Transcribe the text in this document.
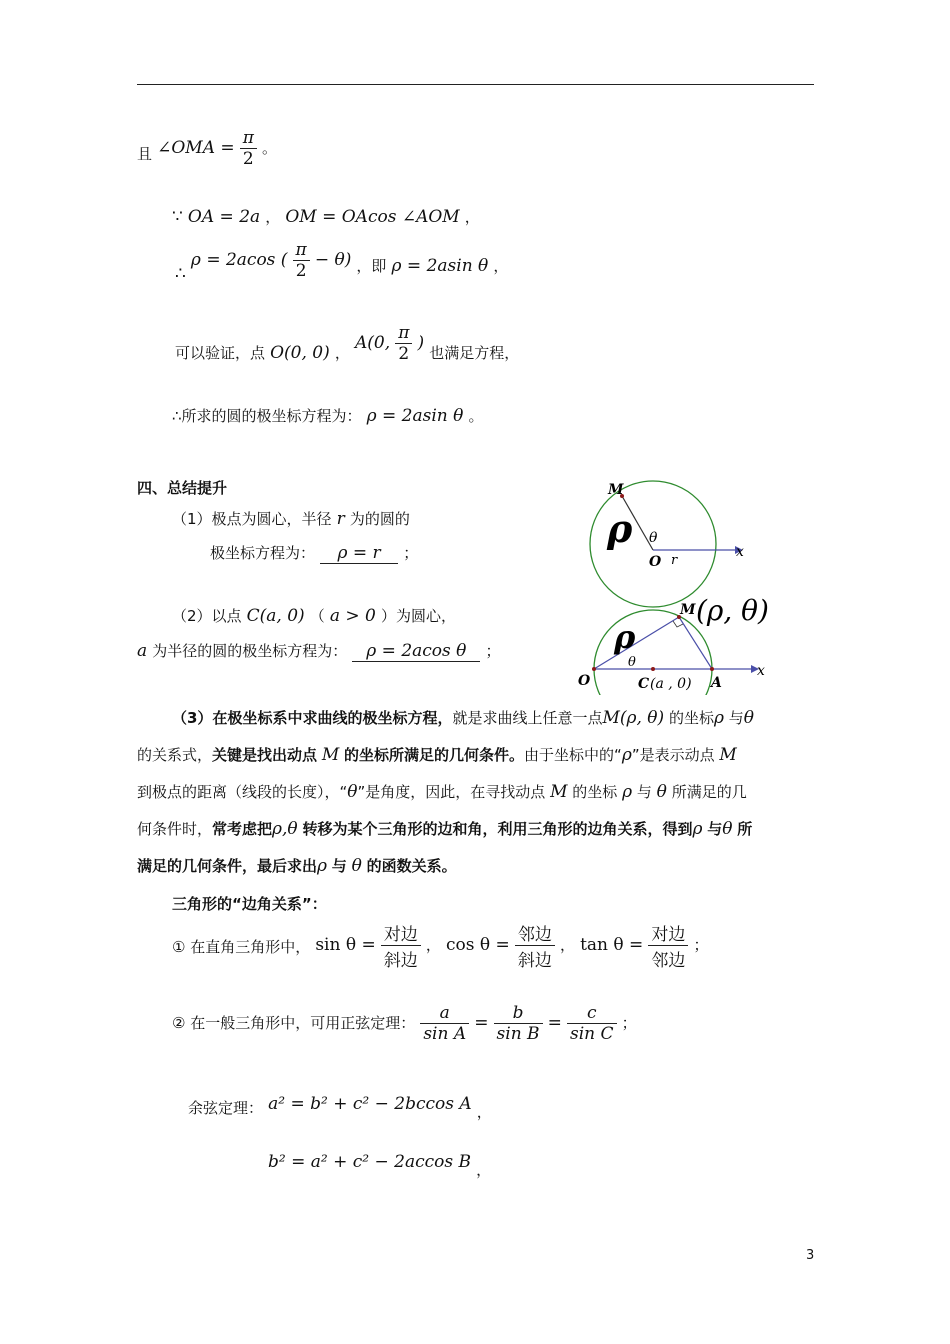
且 ∠OMA = $\frac{\pi}{2}$ 。
∵ OA = 2a ， OM = OAcos ∠AOM ，
∴ ρ = 2acos ( $\frac{\pi}{2} - \theta$) ，即 ρ = 2asin θ ，
可以验证，点 O(0, 0) ， A(0, $\frac{\pi}{2}$ ) 也满足方程，
∴所求的圆的极坐标方程为： ρ = 2asin θ 。
四、总结提升
（1）极点为圆心，半径 r 为的圆的
极坐标方程为： ρ = r ；
（2）以点 C(a, 0) （ a > 0 ）为圆心，
a 为半径的圆的极坐标方程为： ρ = 2acos θ ；
M
ρ θ
O r
x
M (ρ, θ)
ρ
θ
O	C (a , 0) A
x
（3）在极坐标系中求曲线的极坐标方程，就是求曲线上任意一点M(ρ, θ) 的坐标ρ 与θ
的关系式，关键是找出动点 M 的坐标所满足的几何条件。由于坐标中的“ρ”是表示动点 M
到极点的距离（线段的长度），“θ”是角度，因此，在寻找动点 M 的坐标 ρ 与 θ 所满足的几
何条件时，常考虑把ρ,θ 转移为某个三角形的边和角，利用三角形的边角关系，得到ρ 与θ 所
满足的几何条件，最后求出ρ 与 θ 的函数关系。
三角形的“边角关系”：
① 在直角三角形中， $\sin \theta = \frac{\text{对边}}{\text{斜边}}$ ， $\cos \theta = \frac{\text{邻边}}{\text{斜边}}$ ， $\tan \theta = \frac{\text{对边}}{\text{邻边}}$ ；
② 在一般三角形中，可用正弦定理： $\frac{a}{\text{sin A}} = \frac{b}{\text{sin B}} = \frac{c}{\text{sin C}}$ ；
余弦定理： a² = b² + c² − 2bccos A ，
b² = a² + c² − 2accos B ，
3
